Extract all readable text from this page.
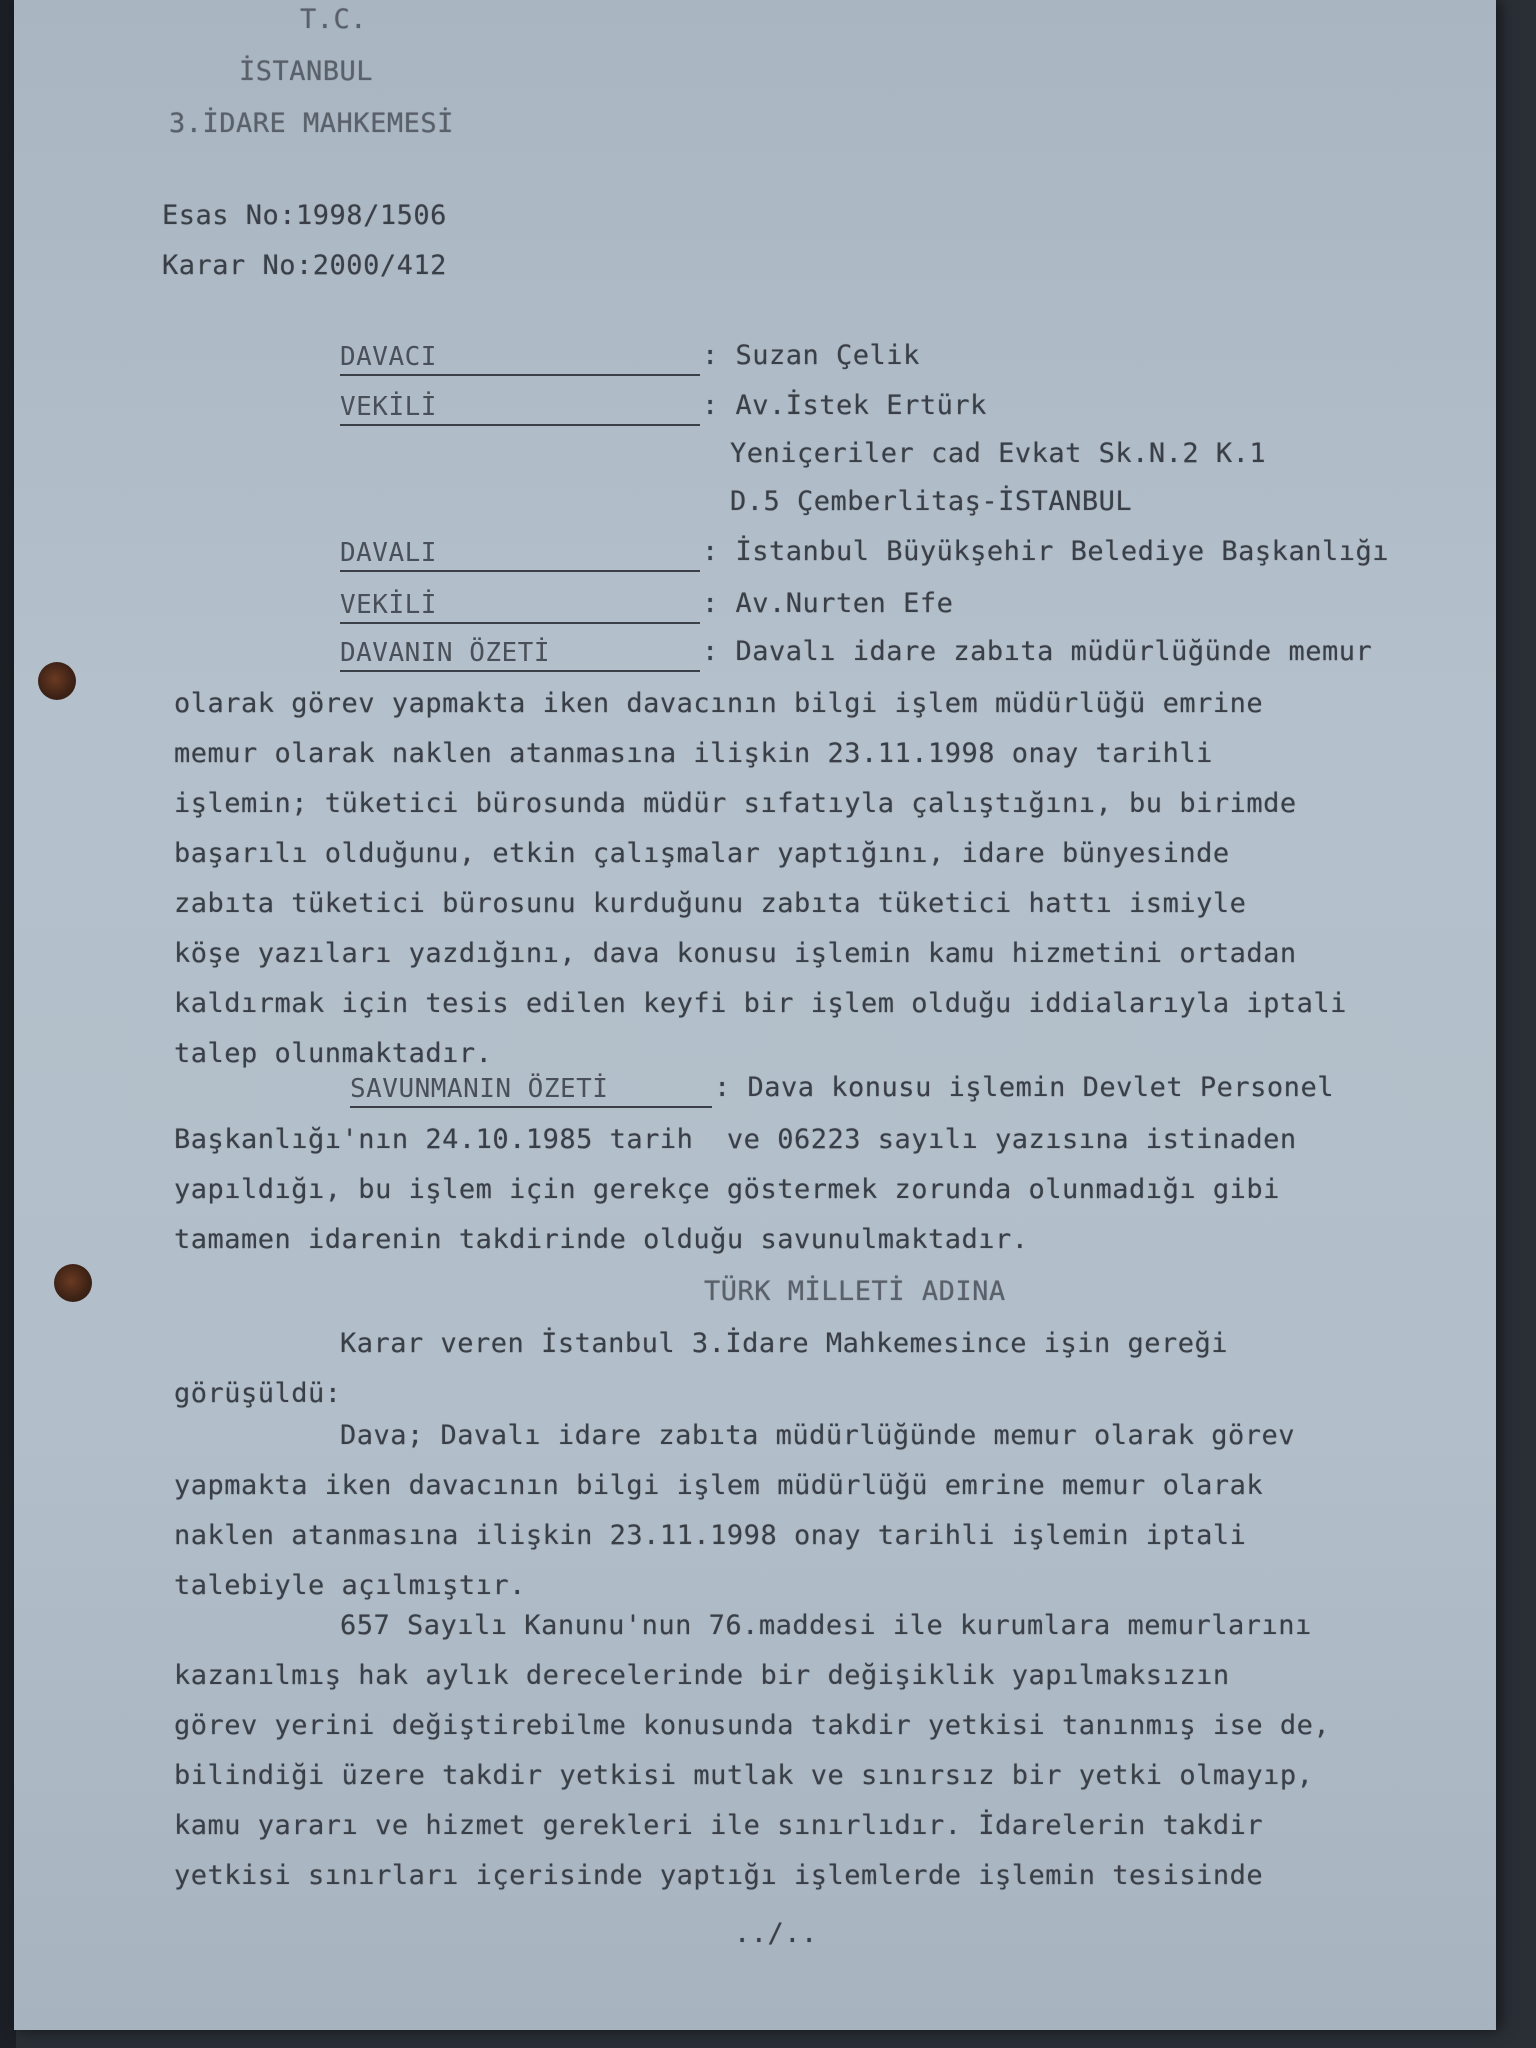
T.C.
İSTANBUL
3.İDARE MAHKEMESİ
Esas No:1998/1506
Karar No:2000/412
DAVACI	: Suzan Çelik
VEKİLİ	: Av.İstek Ertürk
Yeniçeriler cad Evkat Sk.N.2 K.1
D.5 Çemberlitaş-İSTANBUL
DAVALI	: İstanbul Büyükşehir Belediye Başkanlığı
VEKİLİ	: Av.Nurten Efe
DAVANIN ÖZETİ	: Davalı idare zabıta müdürlüğünde memur
olarak görev yapmakta iken davacının bilgi işlem müdürlüğü emrine
memur olarak naklen atanmasına ilişkin 23.11.1998 onay tarihli
işlemin; tüketici bürosunda müdür sıfatıyla çalıştığını, bu birimde
başarılı olduğunu, etkin çalışmalar yaptığını, idare bünyesinde
zabıta tüketici bürosunu kurduğunu zabıta tüketici hattı ismiyle
köşe yazıları yazdığını, dava konusu işlemin kamu hizmetini ortadan
kaldırmak için tesis edilen keyfi bir işlem olduğu iddialarıyla iptali
talep olunmaktadır.
SAVUNMANIN ÖZETİ	: Dava konusu işlemin Devlet Personel
Başkanlığı'nın 24.10.1985 tarih  ve 06223 sayılı yazısına istinaden
yapıldığı, bu işlem için gerekçe göstermek zorunda olunmadığı gibi
tamamen idarenin takdirinde olduğu savunulmaktadır.
TÜRK MİLLETİ ADINA
Karar veren İstanbul 3.İdare Mahkemesince işin gereği
görüşüldü:
Dava; Davalı idare zabıta müdürlüğünde memur olarak görev
yapmakta iken davacının bilgi işlem müdürlüğü emrine memur olarak
naklen atanmasına ilişkin 23.11.1998 onay tarihli işlemin iptali
talebiyle açılmıştır.
657 Sayılı Kanunu'nun 76.maddesi ile kurumlara memurlarını
kazanılmış hak aylık derecelerinde bir değişiklik yapılmaksızın
görev yerini değiştirebilme konusunda takdir yetkisi tanınmış ise de,
bilindiği üzere takdir yetkisi mutlak ve sınırsız bir yetki olmayıp,
kamu yararı ve hizmet gerekleri ile sınırlıdır. İdarelerin takdir
yetkisi sınırları içerisinde yaptığı işlemlerde işlemin tesisinde
../..
